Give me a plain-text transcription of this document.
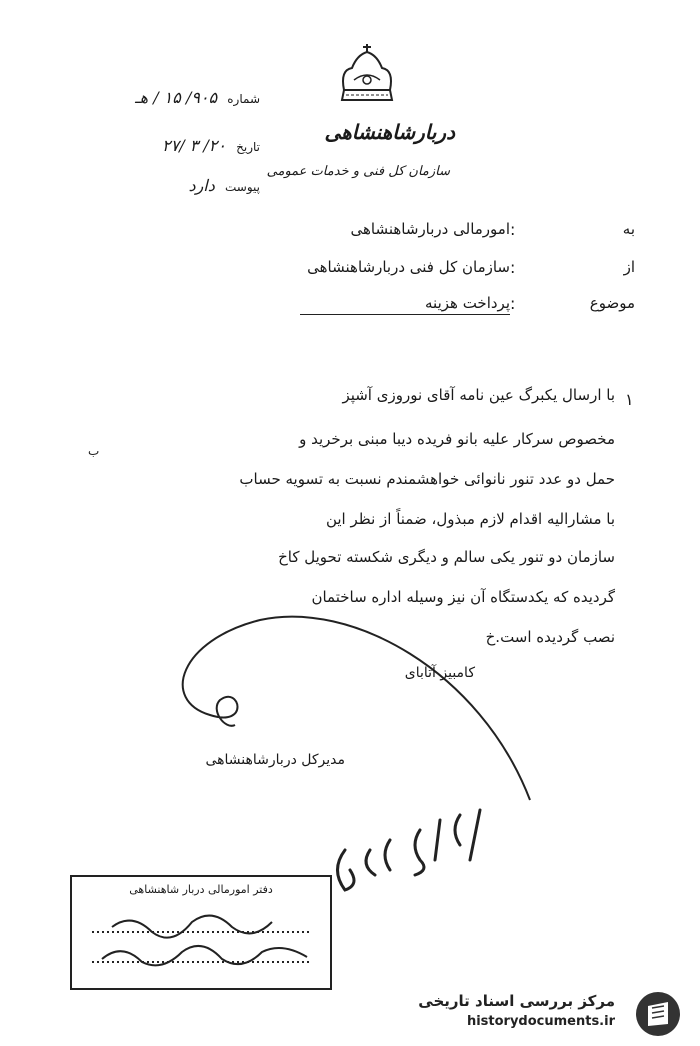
دربارشاهنشاهی
سازمان کل فنی و خدمات عمومی
شماره ۹۰۵/ ۱۵ / هـ
تاریخ ۲۰/ ۳ /۲۷
پیوست دارد
به
:
امورمالی دربارشاهنشاهی
از
:
سازمان کل فنی دربارشاهنشاهی
موضوع
:
پرداخت هزینه
۱
با ارسال یکبرگ عین نامه آقای نوروزی آشپز
مخصوص سرکار علیه بانو فریده دیبا مبنی برخرید و
حمل دو عدد تنور نانوائی خواهشمندم نسبت به تسویه حساب
با مشارالیه اقدام لازم مبذول، ضمناً از نظر این
سازمان دو تنور یکی سالم و دیگری شکسته تحویل کاخ
گردیده که یکدستگاه آن نیز وسیله اداره ساختمان
نصب گردیده است.خ
ب
کامبیز آتابای
مدیرکل دربارشاهنشاهی
دفتر امورمالی دربار شاهنشاهی
مرکز بررسی اسناد تاریخی
historydocuments.ir
